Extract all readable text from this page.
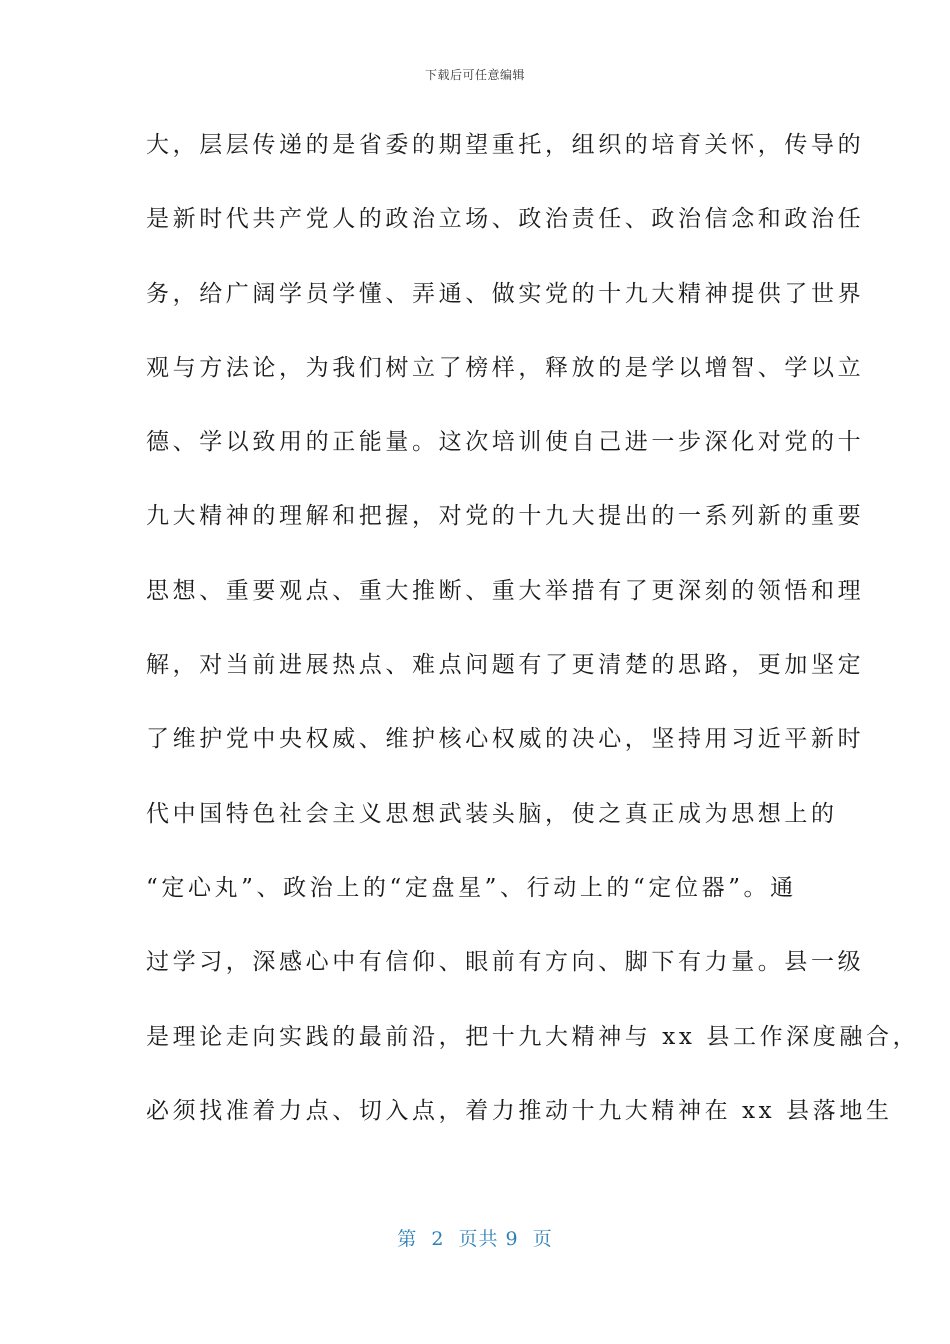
下载后可任意编辑
大，层层传递的是省委的期望重托，组织的培育关怀，传导的
是新时代共产党人的政治立场、政治责任、政治信念和政治任
务，给广阔学员学懂、弄通、做实党的十九大精神提供了世界
观与方法论，为我们树立了榜样，释放的是学以增智、学以立
德、学以致用的正能量。这次培训使自己进一步深化对党的十
九大精神的理解和把握，对党的十九大提出的一系列新的重要
思想、重要观点、重大推断、重大举措有了更深刻的领悟和理
解，对当前进展热点、难点问题有了更清楚的思路，更加坚定
了维护党中央权威、维护核心权威的决心，坚持用习近平新时
代中国特色社会主义思想武装头脑，使之真正成为思想上的
“定心丸”、政治上的“定盘星”、行动上的“定位器”。通
过学习，深感心中有信仰、眼前有方向、脚下有力量。县一级
是理论走向实践的最前沿，把十九大精神与 xx 县工作深度融合，
必须找准着力点、切入点，着力推动十九大精神在 xx 县落地生
第  2  页共 9  页
